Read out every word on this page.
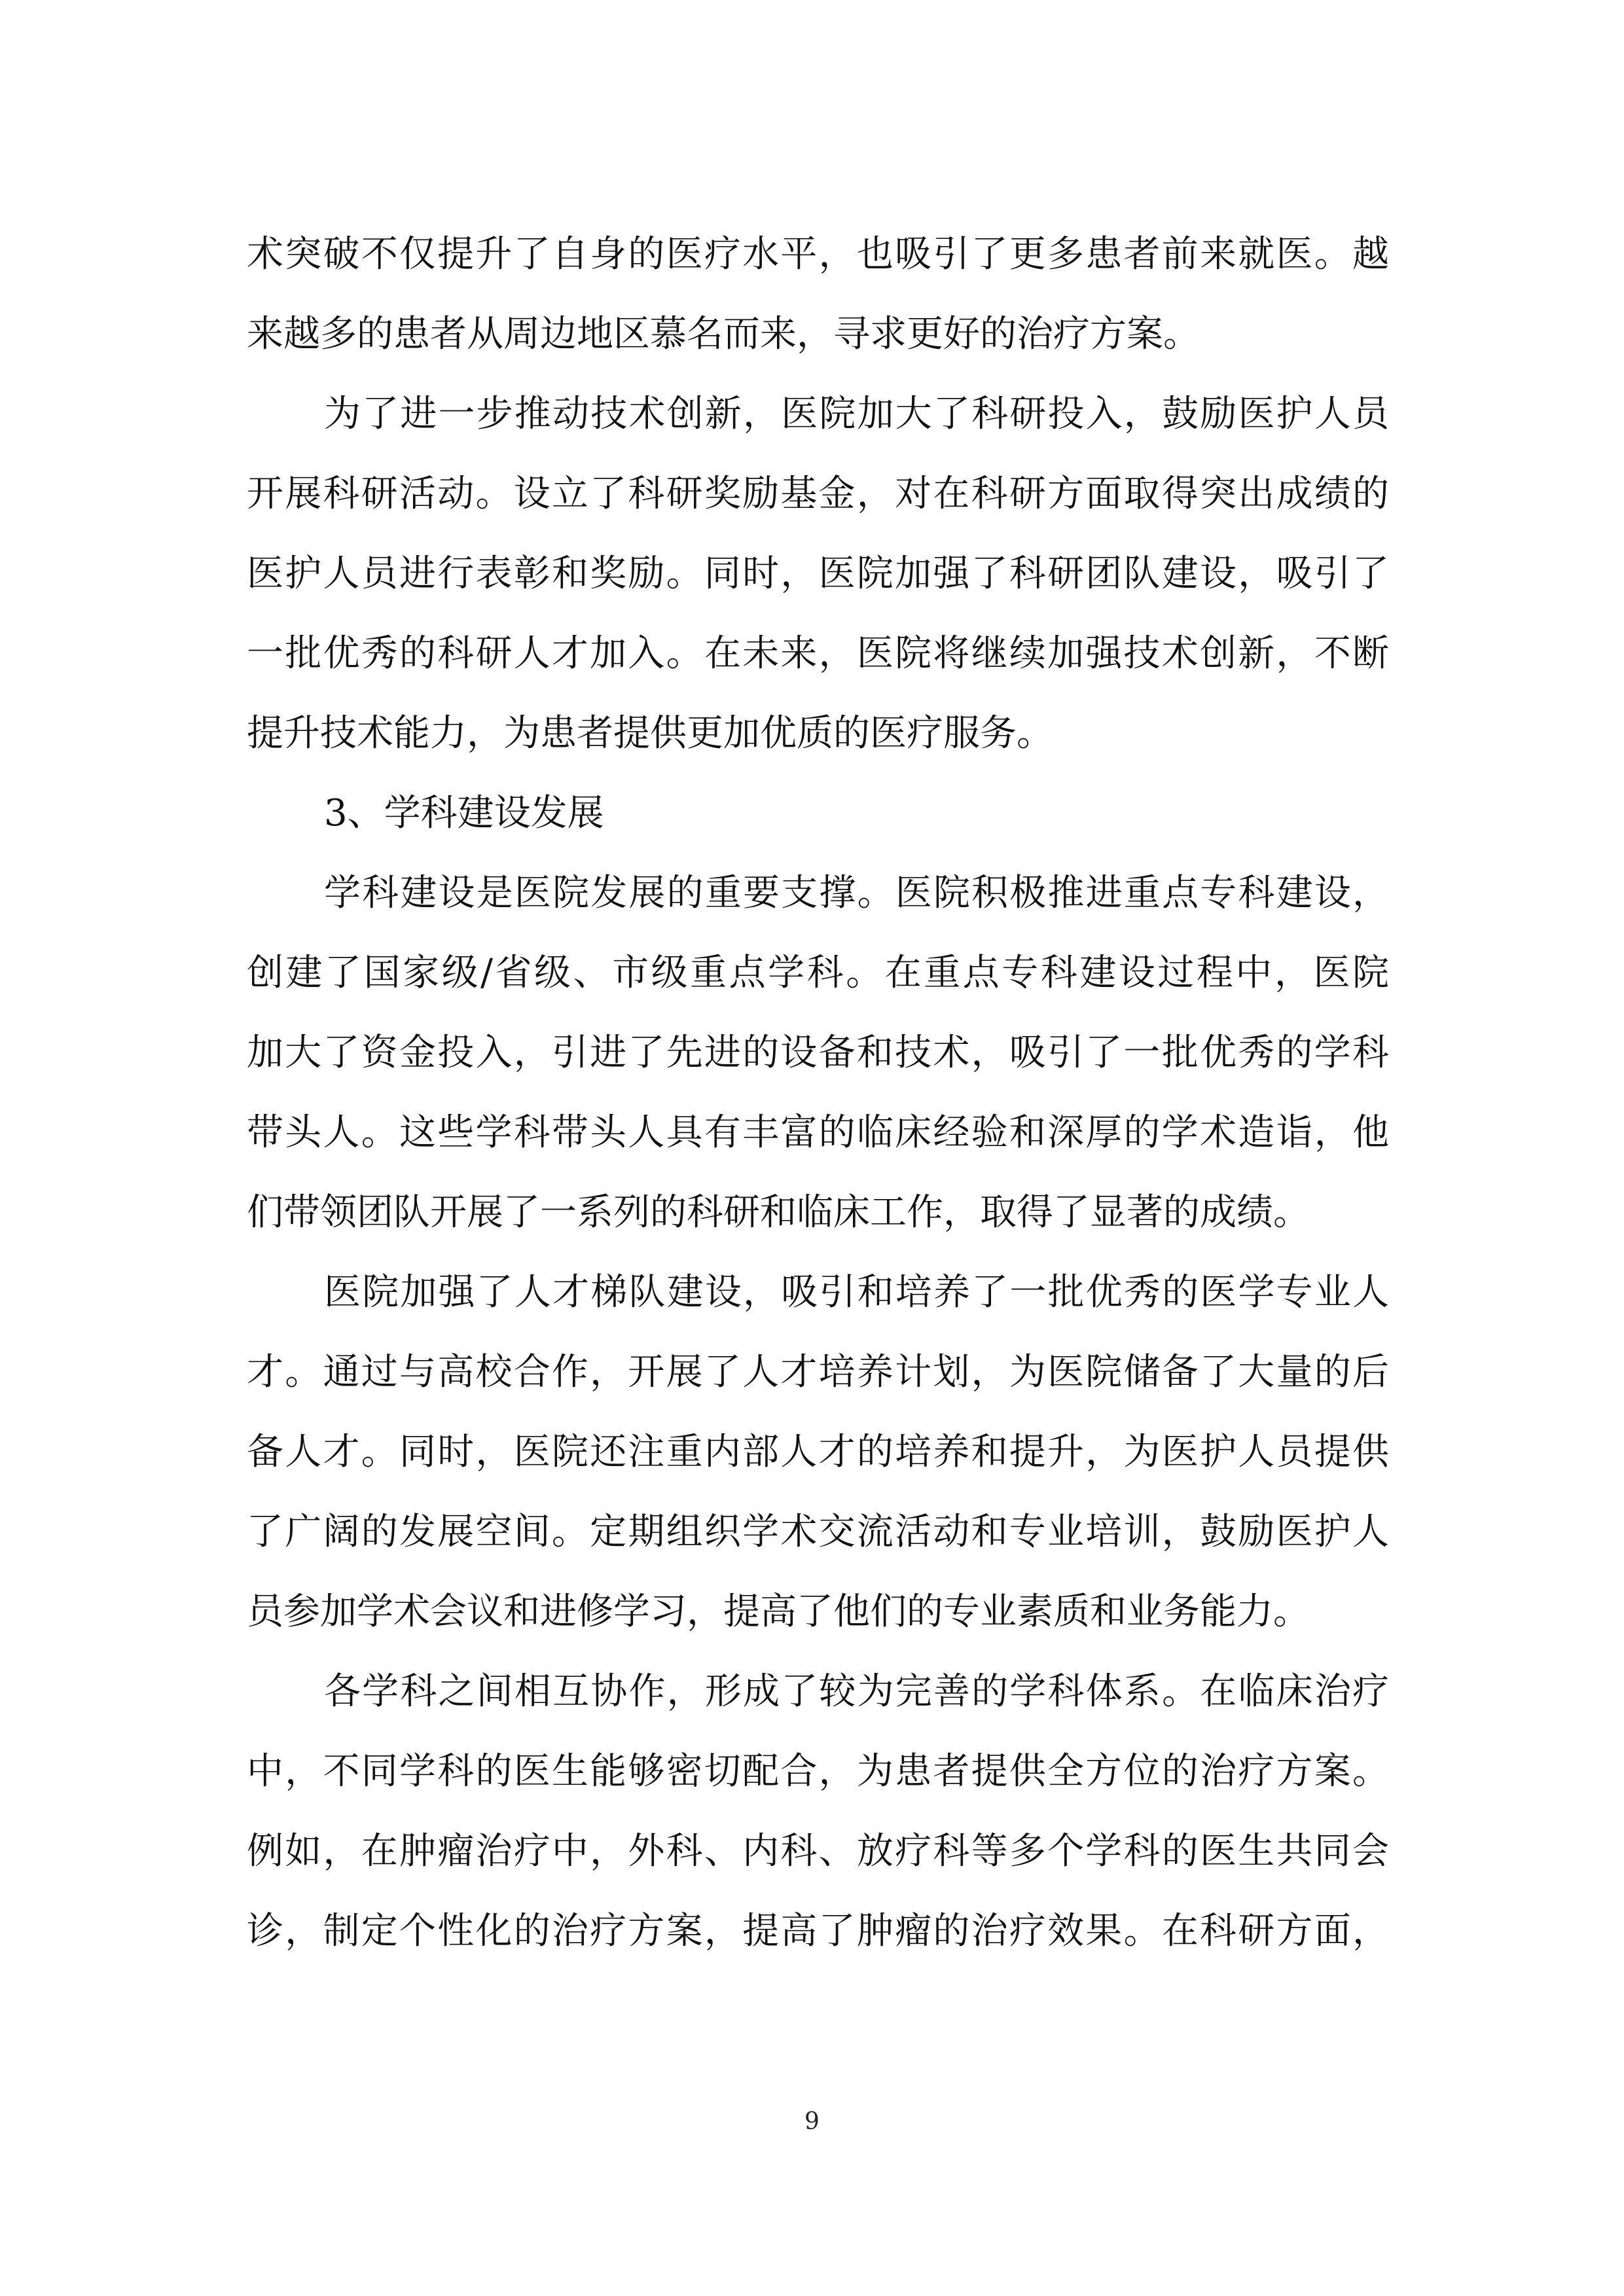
术突破不仅提升了自身的医疗水平，也吸引了更多患者前来就医。越
来越多的患者从周边地区慕名而来，寻求更好的治疗方案。
为了进一步推动技术创新，医院加大了科研投入，鼓励医护人员
开展科研活动。设立了科研奖励基金，对在科研方面取得突出成绩的
医护人员进行表彰和奖励。同时，医院加强了科研团队建设，吸引了
一批优秀的科研人才加入。在未来，医院将继续加强技术创新，不断
提升技术能力，为患者提供更加优质的医疗服务。
3、学科建设发展
学科建设是医院发展的重要支撑。医院积极推进重点专科建设，
创建了国家级/省级、市级重点学科。在重点专科建设过程中，医院
加大了资金投入，引进了先进的设备和技术，吸引了一批优秀的学科
带头人。这些学科带头人具有丰富的临床经验和深厚的学术造诣，他
们带领团队开展了一系列的科研和临床工作，取得了显著的成绩。
医院加强了人才梯队建设，吸引和培养了一批优秀的医学专业人
才。通过与高校合作，开展了人才培养计划，为医院储备了大量的后
备人才。同时，医院还注重内部人才的培养和提升，为医护人员提供
了广阔的发展空间。定期组织学术交流活动和专业培训，鼓励医护人
员参加学术会议和进修学习，提高了他们的专业素质和业务能力。
各学科之间相互协作，形成了较为完善的学科体系。在临床治疗
中，不同学科的医生能够密切配合，为患者提供全方位的治疗方案。
例如，在肿瘤治疗中，外科、内科、放疗科等多个学科的医生共同会
诊，制定个性化的治疗方案，提高了肿瘤的治疗效果。在科研方面，
9
